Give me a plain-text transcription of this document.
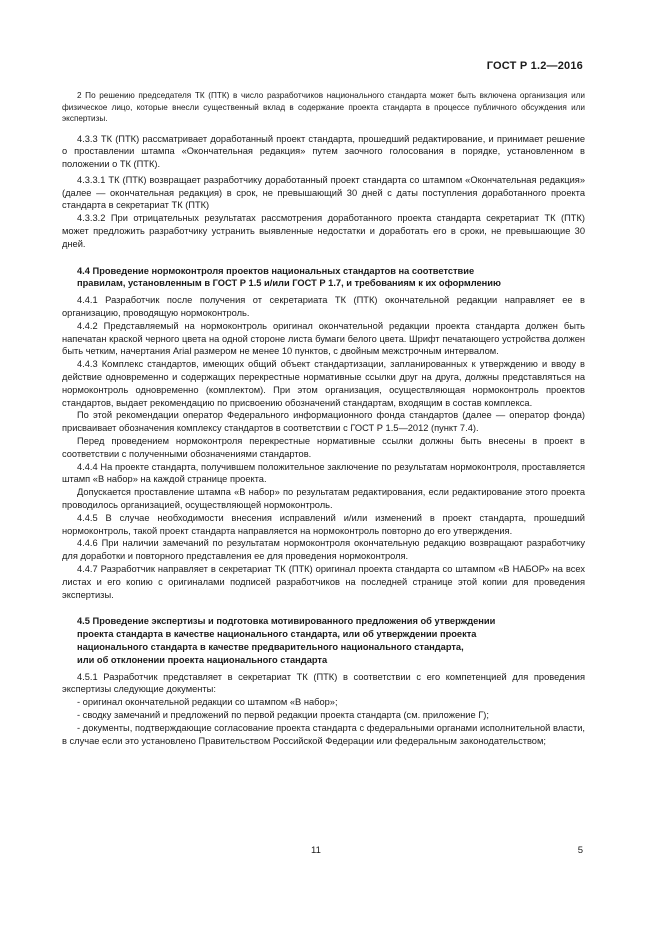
ГОСТ Р 1.2—2016

2 По решению председателя ТК (ПТК) в число разработчиков национального стандарта может быть включена организация или физическое лицо, которые внесли существенный вклад в содержание проекта стандарта в процессе публичного обсуждения или экспертизы.

4.3.3 ТК (ПТК) рассматривает доработанный проект стандарта, прошедший редактирование, и принимает решение о проставлении штампа «Окончательная редакция» путем заочного голосования в порядке, установленном в положении о ТК (ПТК).

4.3.3.1 ТК (ПТК) возвращает разработчику доработанный проект стандарта со штампом «Окончательная редакция» (далее — окончательная редакция) в срок, не превышающий 30 дней с даты поступления доработанного проекта стандарта в секретариат ТК (ПТК)

4.3.3.2 При отрицательных результатах рассмотрения доработанного проекта стандарта секретариат ТК (ПТК) может предложить разработчику устранить выявленные недостатки и доработать его в сроки, не превышающие 30 дней.

4.4 Проведение нормоконтроля проектов национальных стандартов на соответствие
правилам, установленным в ГОСТ Р 1.5 и/или ГОСТ Р 1.7, и требованиям к их оформлению

4.4.1 Разработчик после получения от секретариата ТК (ПТК) окончательной редакции направляет ее в организацию, проводящую нормоконтроль.

4.4.2 Представляемый на нормоконтроль оригинал окончательной редакции проекта стандарта должен быть напечатан краской черного цвета на одной стороне листа бумаги белого цвета. Шрифт печатающего устройства должен быть четким, начертания Arial размером не менее 10 пунктов, с двойным межстрочным интервалом.

4.4.3 Комплекс стандартов, имеющих общий объект стандартизации, запланированных к утверждению и вводу в действие одновременно и содержащих перекрестные нормативные ссылки друг на друга, должны представляться на нормоконтроль одновременно (комплектом). При этом организация, осуществляющая нормоконтроль проектов стандартов, выдает рекомендацию по присвоению обозначений стандартам, входящим в состав комплекса.

По этой рекомендации оператор Федерального информационного фонда стандартов (далее — оператор фонда) присваивает обозначения комплексу стандартов в соответствии с ГОСТ Р 1.5—2012 (пункт 7.4).

Перед проведением нормоконтроля перекрестные нормативные ссылки должны быть внесены в проект в соответствии с полученными обозначениями стандартов.

4.4.4 На проекте стандарта, получившем положительное заключение по результатам нормоконтроля, проставляется штамп «В набор» на каждой странице проекта.

Допускается проставление штампа «В набор» по результатам редактирования, если редактирование этого проекта проводилось организацией, осуществляющей нормоконтроль.

4.4.5 В случае необходимости внесения исправлений и/или изменений в проект стандарта, прошедший нормоконтроль, такой проект стандарта направляется на нормоконтроль повторно до его утверждения.

4.4.6 При наличии замечаний по результатам нормоконтроля окончательную редакцию возвращают разработчику для доработки и повторного представления ее для проведения нормоконтроля.

4.4.7 Разработчик направляет в секретариат ТК (ПТК) оригинал проекта стандарта со штампом «В НАБОР» на всех листах и его копию с оригиналами подписей разработчиков на последней странице этой копии для проведения экспертизы.

4.5 Проведение экспертизы и подготовка мотивированного предложения об утверждении
проекта стандарта в качестве национального стандарта, или об утверждении проекта
национального стандарта в качестве предварительного национального стандарта,
или об отклонении проекта национального стандарта

4.5.1 Разработчик представляет в секретариат ТК (ПТК) в соответствии с его компетенцией для проведения экспертизы следующие документы:

- оригинал окончательной редакции со штампом «В набор»;

- сводку замечаний и предложений по первой редакции проекта стандарта (см. приложение Г);

- документы, подтверждающие согласование проекта стандарта с федеральными органами исполнительной власти, в случае если это установлено Правительством Российской Федерации или федеральным законодательством;

11	5
